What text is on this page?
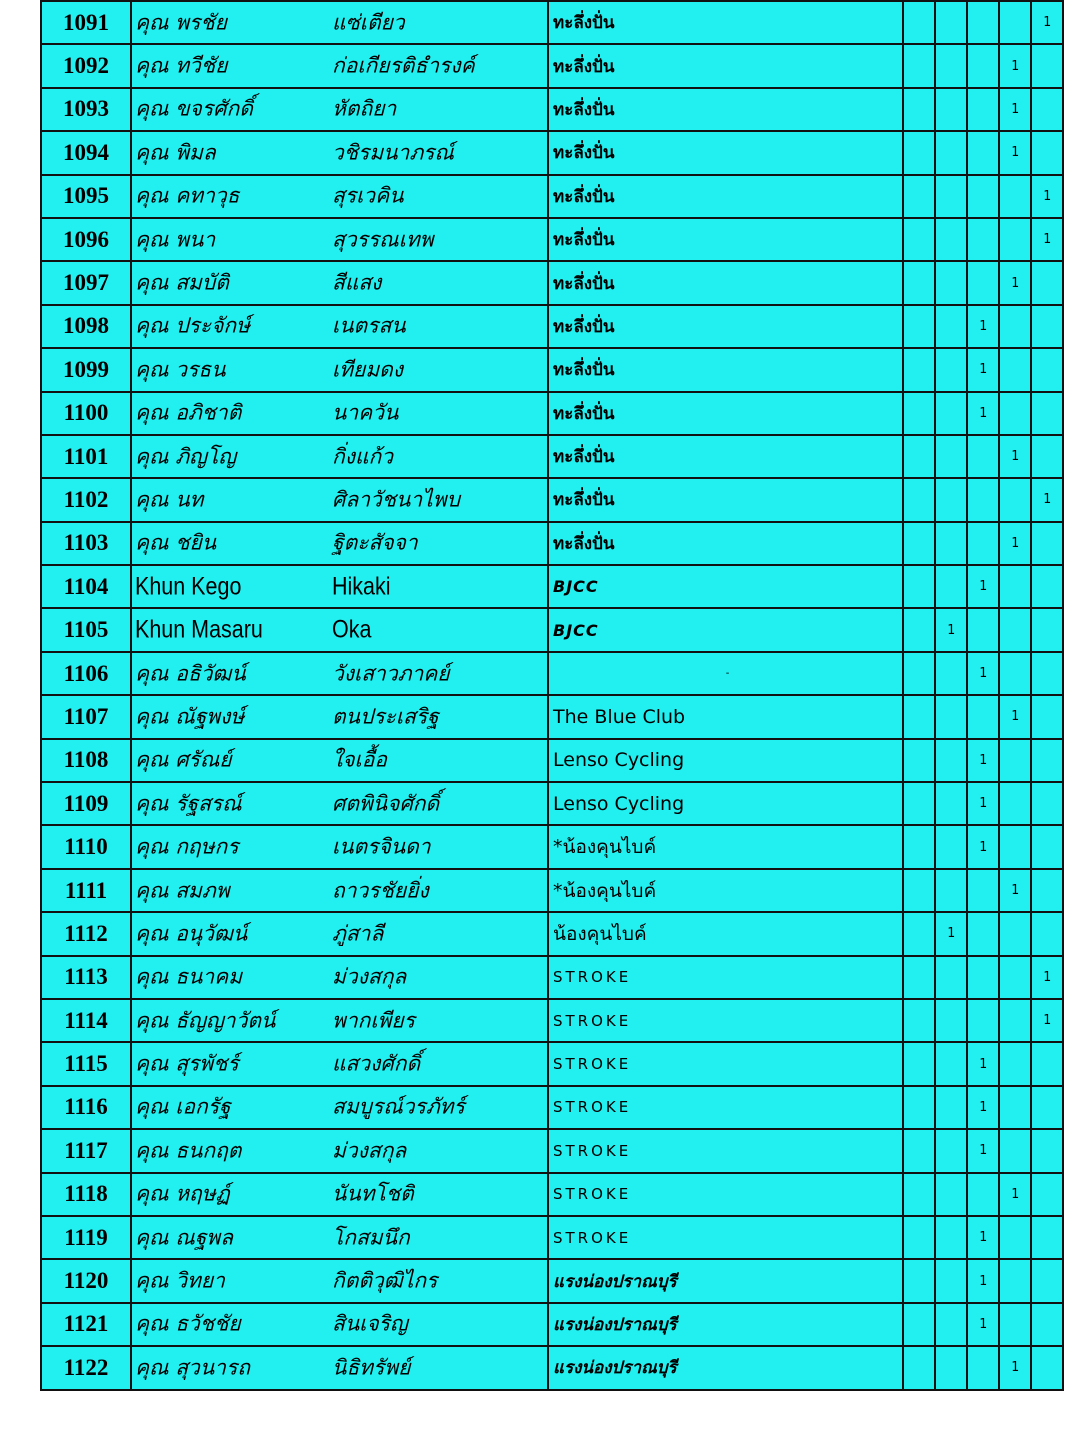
1091	คุณ พรชัย แซ่เตียว	ทะลึ่งปั่น					1
1092	คุณ ทวีชัย ก่อเกียรติธำรงค์	ทะลึ่งปั่น				1	
1093	คุณ ขจรศักดิ์ หัตถิยา	ทะลึ่งปั่น				1	
1094	คุณ พิมล วชิรมนาภรณ์	ทะลึ่งปั่น				1	
1095	คุณ คทาวุธ สุรเวคิน	ทะลึ่งปั่น					1
1096	คุณ พนา สุวรรณเทพ	ทะลึ่งปั่น					1
1097	คุณ สมบัติ สีแสง	ทะลึ่งปั่น				1	
1098	คุณ ประจักษ์ เนตรสน	ทะลึ่งปั่น			1		
1099	คุณ วรธน เทียมดง	ทะลึ่งปั่น			1		
1100	คุณ อภิชาติ นาควัน	ทะลึ่งปั่น			1		
1101	คุณ ภิญโญ กิ่งแก้ว	ทะลึ่งปั่น				1	
1102	คุณ นท ศิลาวัชนาไพบ	ทะลึ่งปั่น					1
1103	คุณ ชยิน ฐิตะสัจจา	ทะลึ่งปั่น				1	
1104	Khun Kego Hikaki	BJCC			1		
1105	Khun Masaru Oka	BJCC		1			
1106	คุณ อธิวัฒน์ วังเสาวภาคย์	-			1		
1107	คุณ ณัฐพงษ์ ตนประเสริฐ	The Blue Club				1	
1108	คุณ ศรัณย์ ใจเอื้อ	Lenso Cycling			1		
1109	คุณ รัฐสรณ์ ศตพินิจศักดิ์	Lenso Cycling			1		
1110	คุณ กฤษกร เนตรจินดา	*น้องคุนไบค์			1		
1111	คุณ สมภพ ถาวรชัยยิ่ง	*น้องคุนไบค์				1	
1112	คุณ อนุวัฒน์ ภู่สาลี	น้องคุนไบค์		1			
1113	คุณ ธนาคม ม่วงสกุล	STROKE					1
1114	คุณ ธัญญาวัตน์ พากเพียร	STROKE					1
1115	คุณ สุรพัชร์ แสวงศักดิ์	STROKE			1		
1116	คุณ เอกรัฐ สมบูรณ์วรภัทร์	STROKE			1		
1117	คุณ ธนกฤต ม่วงสกุล	STROKE			1		
1118	คุณ หฤษฏ์ นันทโชติ	STROKE				1	
1119	คุณ ณฐพล โกสมนึก	STROKE			1		
1120	คุณ วิทยา กิตติวุฒิไกร	แรงน่องปราณบุรี			1		
1121	คุณ ธวัชชัย สินเจริญ	แรงน่องปราณบุรี			1		
1122	คุณ สุวนารถ นิธิทรัพย์	แรงน่องปราณบุรี				1	
